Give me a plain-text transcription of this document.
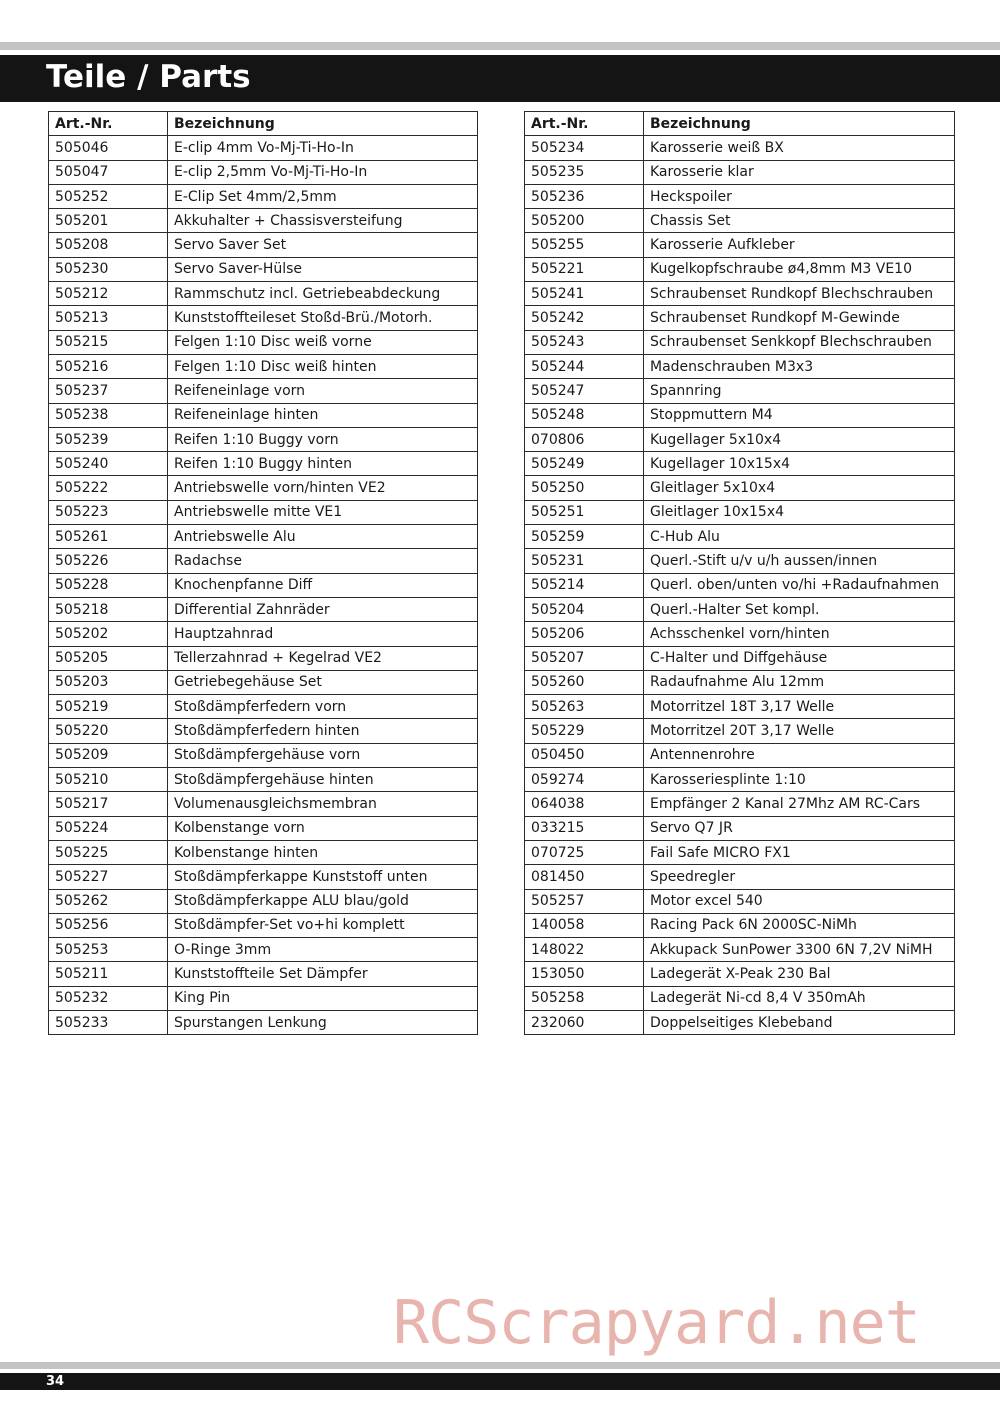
Teile / Parts
Art.-Nr.	Bezeichnung
505046	E-clip 4mm Vo-Mj-Ti-Ho-In
505047	E-clip 2,5mm Vo-Mj-Ti-Ho-In
505252	E-Clip Set 4mm/2,5mm
505201	Akkuhalter + Chassisversteifung
505208	Servo Saver Set
505230	Servo Saver-Hülse
505212	Rammschutz incl. Getriebeabdeckung
505213	Kunststoffteileset Stoßd-Brü./Motorh.
505215	Felgen 1:10 Disc weiß vorne
505216	Felgen 1:10 Disc weiß hinten
505237	Reifeneinlage vorn
505238	Reifeneinlage hinten
505239	Reifen 1:10 Buggy vorn
505240	Reifen 1:10 Buggy hinten
505222	Antriebswelle vorn/hinten VE2
505223	Antriebswelle mitte VE1
505261	Antriebswelle Alu
505226	Radachse
505228	Knochenpfanne Diff
505218	Differential Zahnräder
505202	Hauptzahnrad
505205	Tellerzahnrad + Kegelrad VE2
505203	Getriebegehäuse Set
505219	Stoßdämpferfedern vorn
505220	Stoßdämpferfedern hinten
505209	Stoßdämpfergehäuse vorn
505210	Stoßdämpfergehäuse hinten
505217	Volumenausgleichsmembran
505224	Kolbenstange vorn
505225	Kolbenstange hinten
505227	Stoßdämpferkappe Kunststoff unten
505262	Stoßdämpferkappe ALU blau/gold
505256	Stoßdämpfer-Set vo+hi komplett
505253	O-Ringe 3mm
505211	Kunststoffteile Set Dämpfer
505232	King Pin
505233	Spurstangen Lenkung
Art.-Nr.	Bezeichnung
505234	Karosserie weiß BX
505235	Karosserie klar
505236	Heckspoiler
505200	Chassis Set
505255	Karosserie Aufkleber
505221	Kugelkopfschraube ø4,8mm M3 VE10
505241	Schraubenset Rundkopf Blechschrauben
505242	Schraubenset Rundkopf M-Gewinde
505243	Schraubenset Senkkopf Blechschrauben
505244	Madenschrauben M3x3
505247	Spannring
505248	Stoppmuttern M4
070806	Kugellager 5x10x4
505249	Kugellager 10x15x4
505250	Gleitlager 5x10x4
505251	Gleitlager 10x15x4
505259	C-Hub Alu
505231	Querl.-Stift u/v u/h aussen/innen
505214	Querl. oben/unten vo/hi +Radaufnahmen
505204	Querl.-Halter Set kompl.
505206	Achsschenkel vorn/hinten
505207	C-Halter und Diffgehäuse
505260	Radaufnahme Alu 12mm
505263	Motorritzel 18T 3,17 Welle
505229	Motorritzel 20T 3,17 Welle
050450	Antennenrohre
059274	Karosseriesplinte 1:10
064038	Empfänger 2 Kanal 27Mhz AM RC-Cars
033215	Servo Q7 JR
070725	Fail Safe MICRO FX1
081450	Speedregler
505257	Motor excel 540
140058	Racing Pack 6N 2000SC-NiMh
148022	Akkupack SunPower 3300 6N 7,2V NiMH
153050	Ladegerät X-Peak 230 Bal
505258	Ladegerät Ni-cd 8,4 V 350mAh
232060	Doppelseitiges Klebeband
RCScrapyard.net
34
